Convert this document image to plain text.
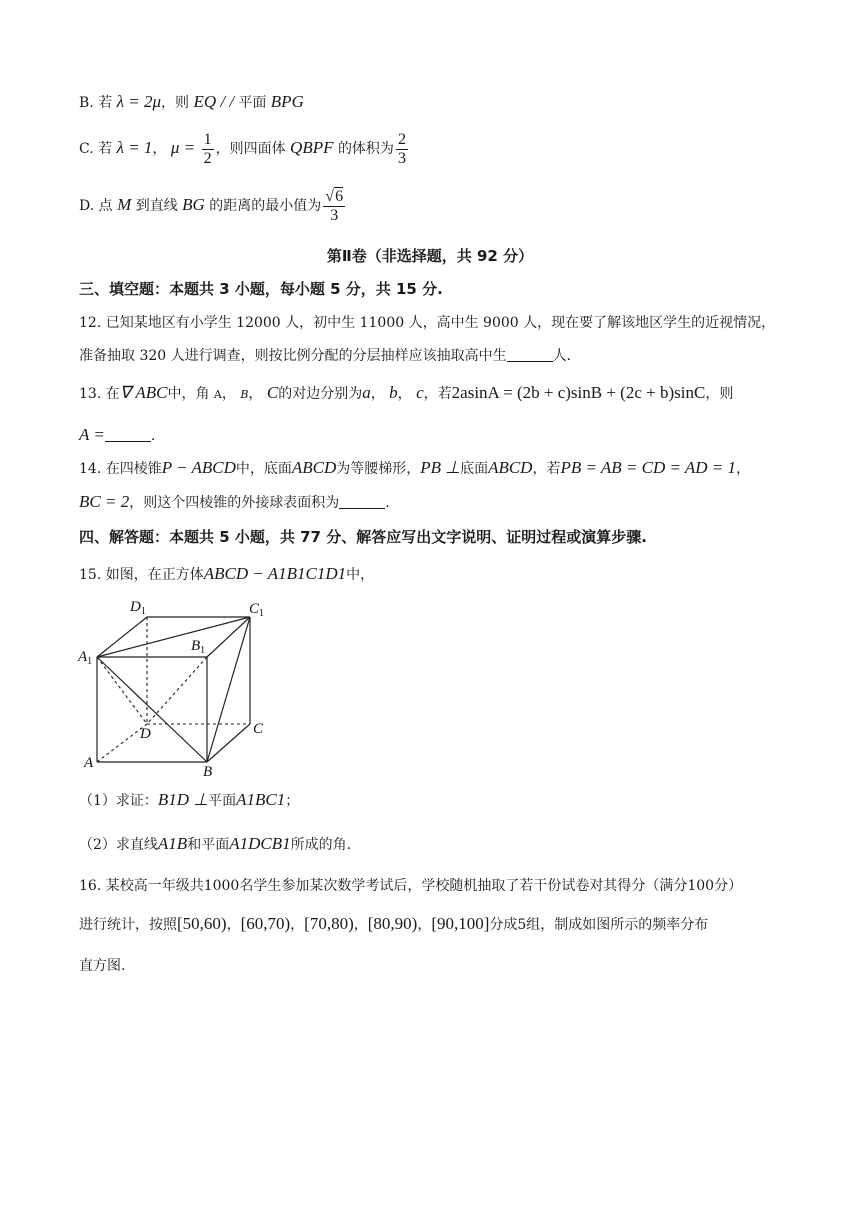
B. 若 λ = 2μ，则 EQ / / 平面 BPG
C. 若 λ = 1， $\mu = \frac{1}{2}$ ，则四面体 QBPF 的体积为 $\frac{2}{3}$
D. 点 M 到直线 BG 的距离的最小值为 $\frac{√6}{3}$
第Ⅱ卷（非选择题，共 92 分）
三、填空题：本题共 3 小题，每小题 5 分，共 15 分.
12. 已知某地区有小学生 12000 人，初中生 11000 人，高中生 9000 人，现在要了解该地区学生的近视情况，
准备抽取 320 人进行调查，则按比例分配的分层抽样应该抽取高中生	人.
13. 在∇ ABC中，角 A， B， C的对边分别为a， b， c，若2asinA = (2b + c)sinB + (2c + b)sinC，则
A =	.
14. 在四棱锥P − ABCD中，底面ABCD为等腰梯形，PB ⊥底面ABCD，若PB = AB = CD = AD = 1，
BC = 2，则这个四棱锥的外接球表面积为	.
四、解答题：本题共 5 小题，共 77 分、解答应写出文字说明、证明过程或演算步骤.
15. 如图，在正方体ABCD − A1B1C1D1中，
$D_1$	$C_1$
$B_1$
$A_1$
D	C
A
B
（1）求证：B1D ⊥平面A1BC1；
（2）求直线A1B和平面A1DCB1所成的角.
16. 某校高一年级共1000名学生参加某次数学考试后，学校随机抽取了若干份试卷对其得分（满分100分）
进行统计，按照[50,60)，[60,70)，[70,80)，[80,90)，[90,100]分成5组，制成如图所示的频率分布
直方图.
